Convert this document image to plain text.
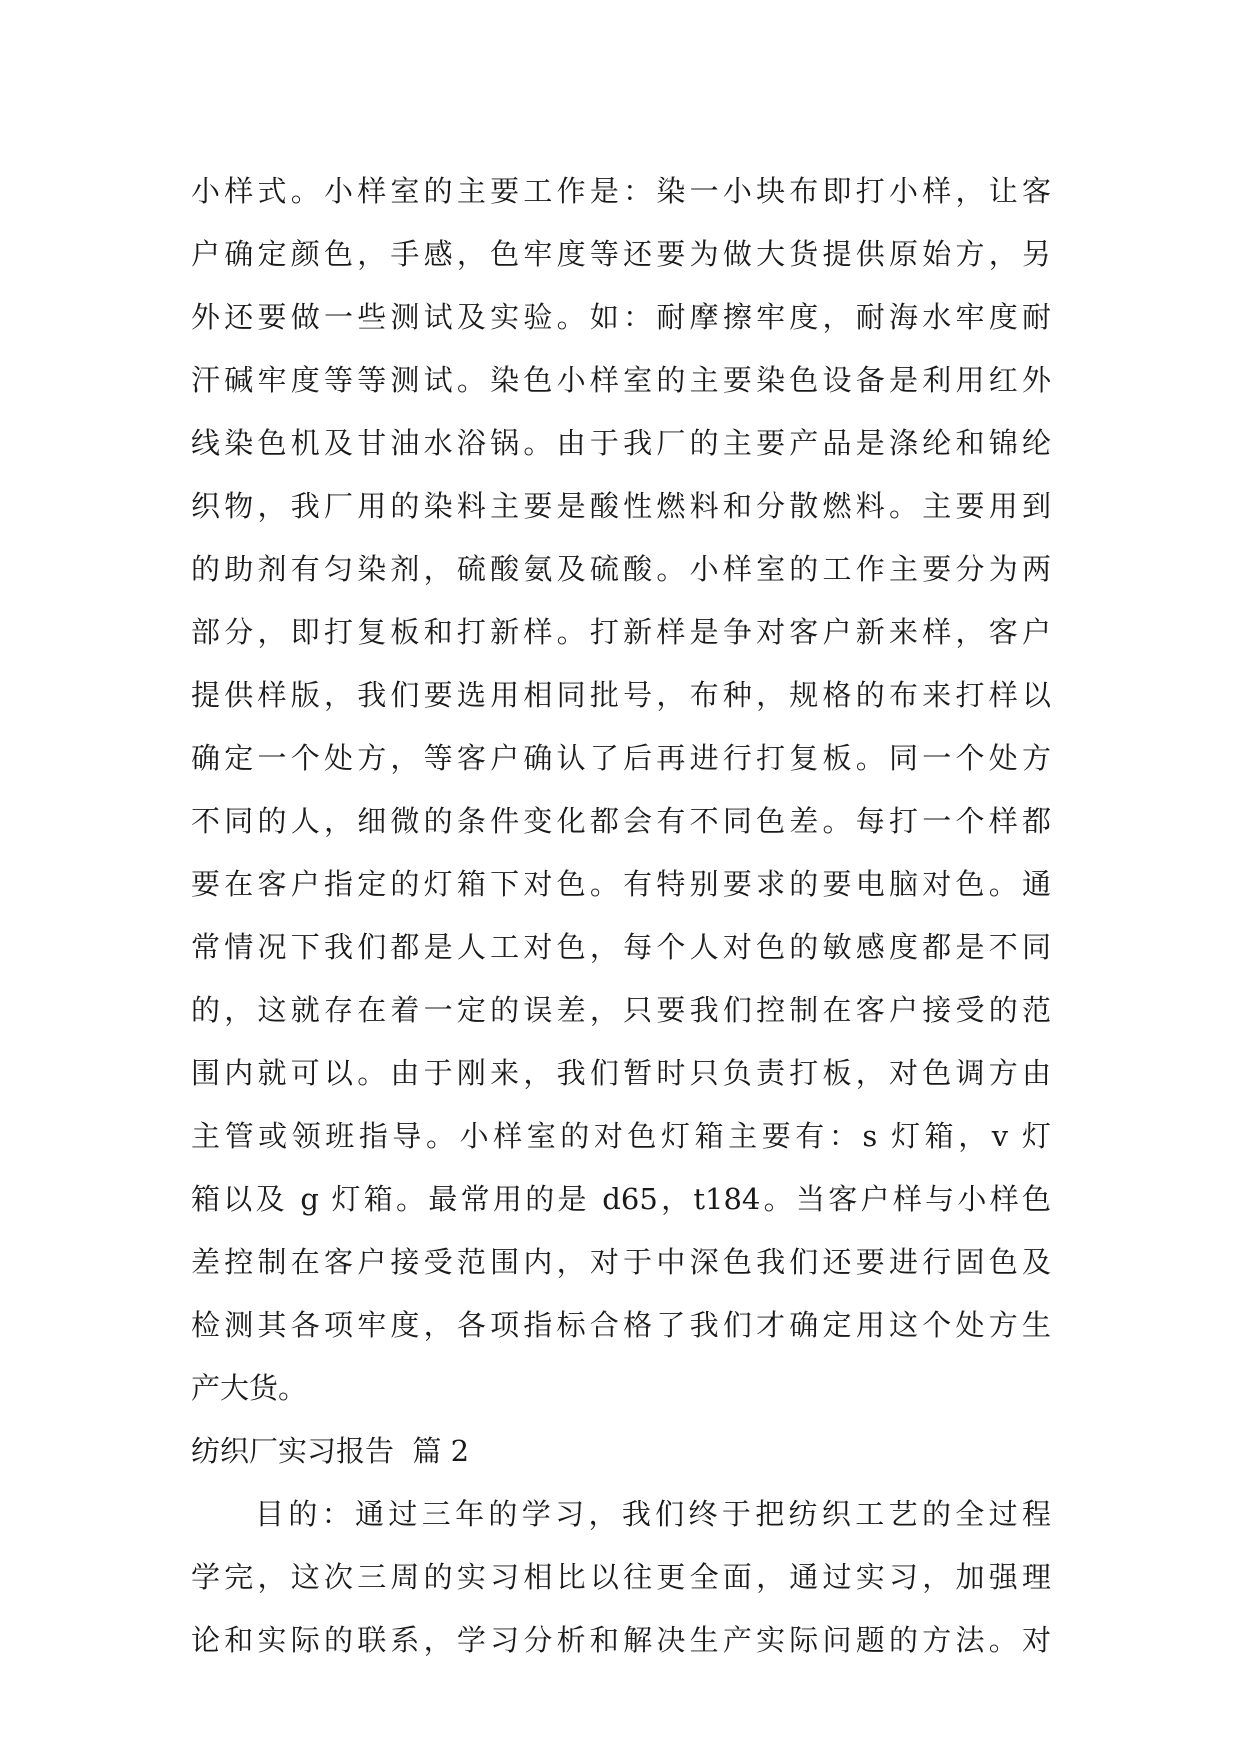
小样式。小样室的主要工作是：染一小块布即打小样，让客
户确定颜色，手感，色牢度等还要为做大货提供原始方，另
外还要做一些测试及实验。如：耐摩擦牢度，耐海水牢度耐
汗碱牢度等等测试。染色小样室的主要染色设备是利用红外
线染色机及甘油水浴锅。由于我厂的主要产品是涤纶和锦纶
织物，我厂用的染料主要是酸性燃料和分散燃料。主要用到
的助剂有匀染剂，硫酸氨及硫酸。小样室的工作主要分为两
部分，即打复板和打新样。打新样是争对客户新来样，客户
提供样版，我们要选用相同批号，布种，规格的布来打样以
确定一个处方，等客户确认了后再进行打复板。同一个处方
不同的人，细微的条件变化都会有不同色差。每打一个样都
要在客户指定的灯箱下对色。有特别要求的要电脑对色。通
常情况下我们都是人工对色，每个人对色的敏感度都是不同
的，这就存在着一定的误差，只要我们控制在客户接受的范
围内就可以。由于刚来，我们暂时只负责打板，对色调方由
主管或领班指导。小样室的对色灯箱主要有：s 灯箱，v 灯
箱以及 g 灯箱。最常用的是 d65，t184。当客户样与小样色
差控制在客户接受范围内，对于中深色我们还要进行固色及
检测其各项牢度，各项指标合格了我们才确定用这个处方生
产大货。
纺织厂实习报告  篇 2
目的：通过三年的学习，我们终于把纺织工艺的全过程
学完，这次三周的实习相比以往更全面，通过实习，加强理
论和实际的联系，学习分析和解决生产实际问题的方法。对
